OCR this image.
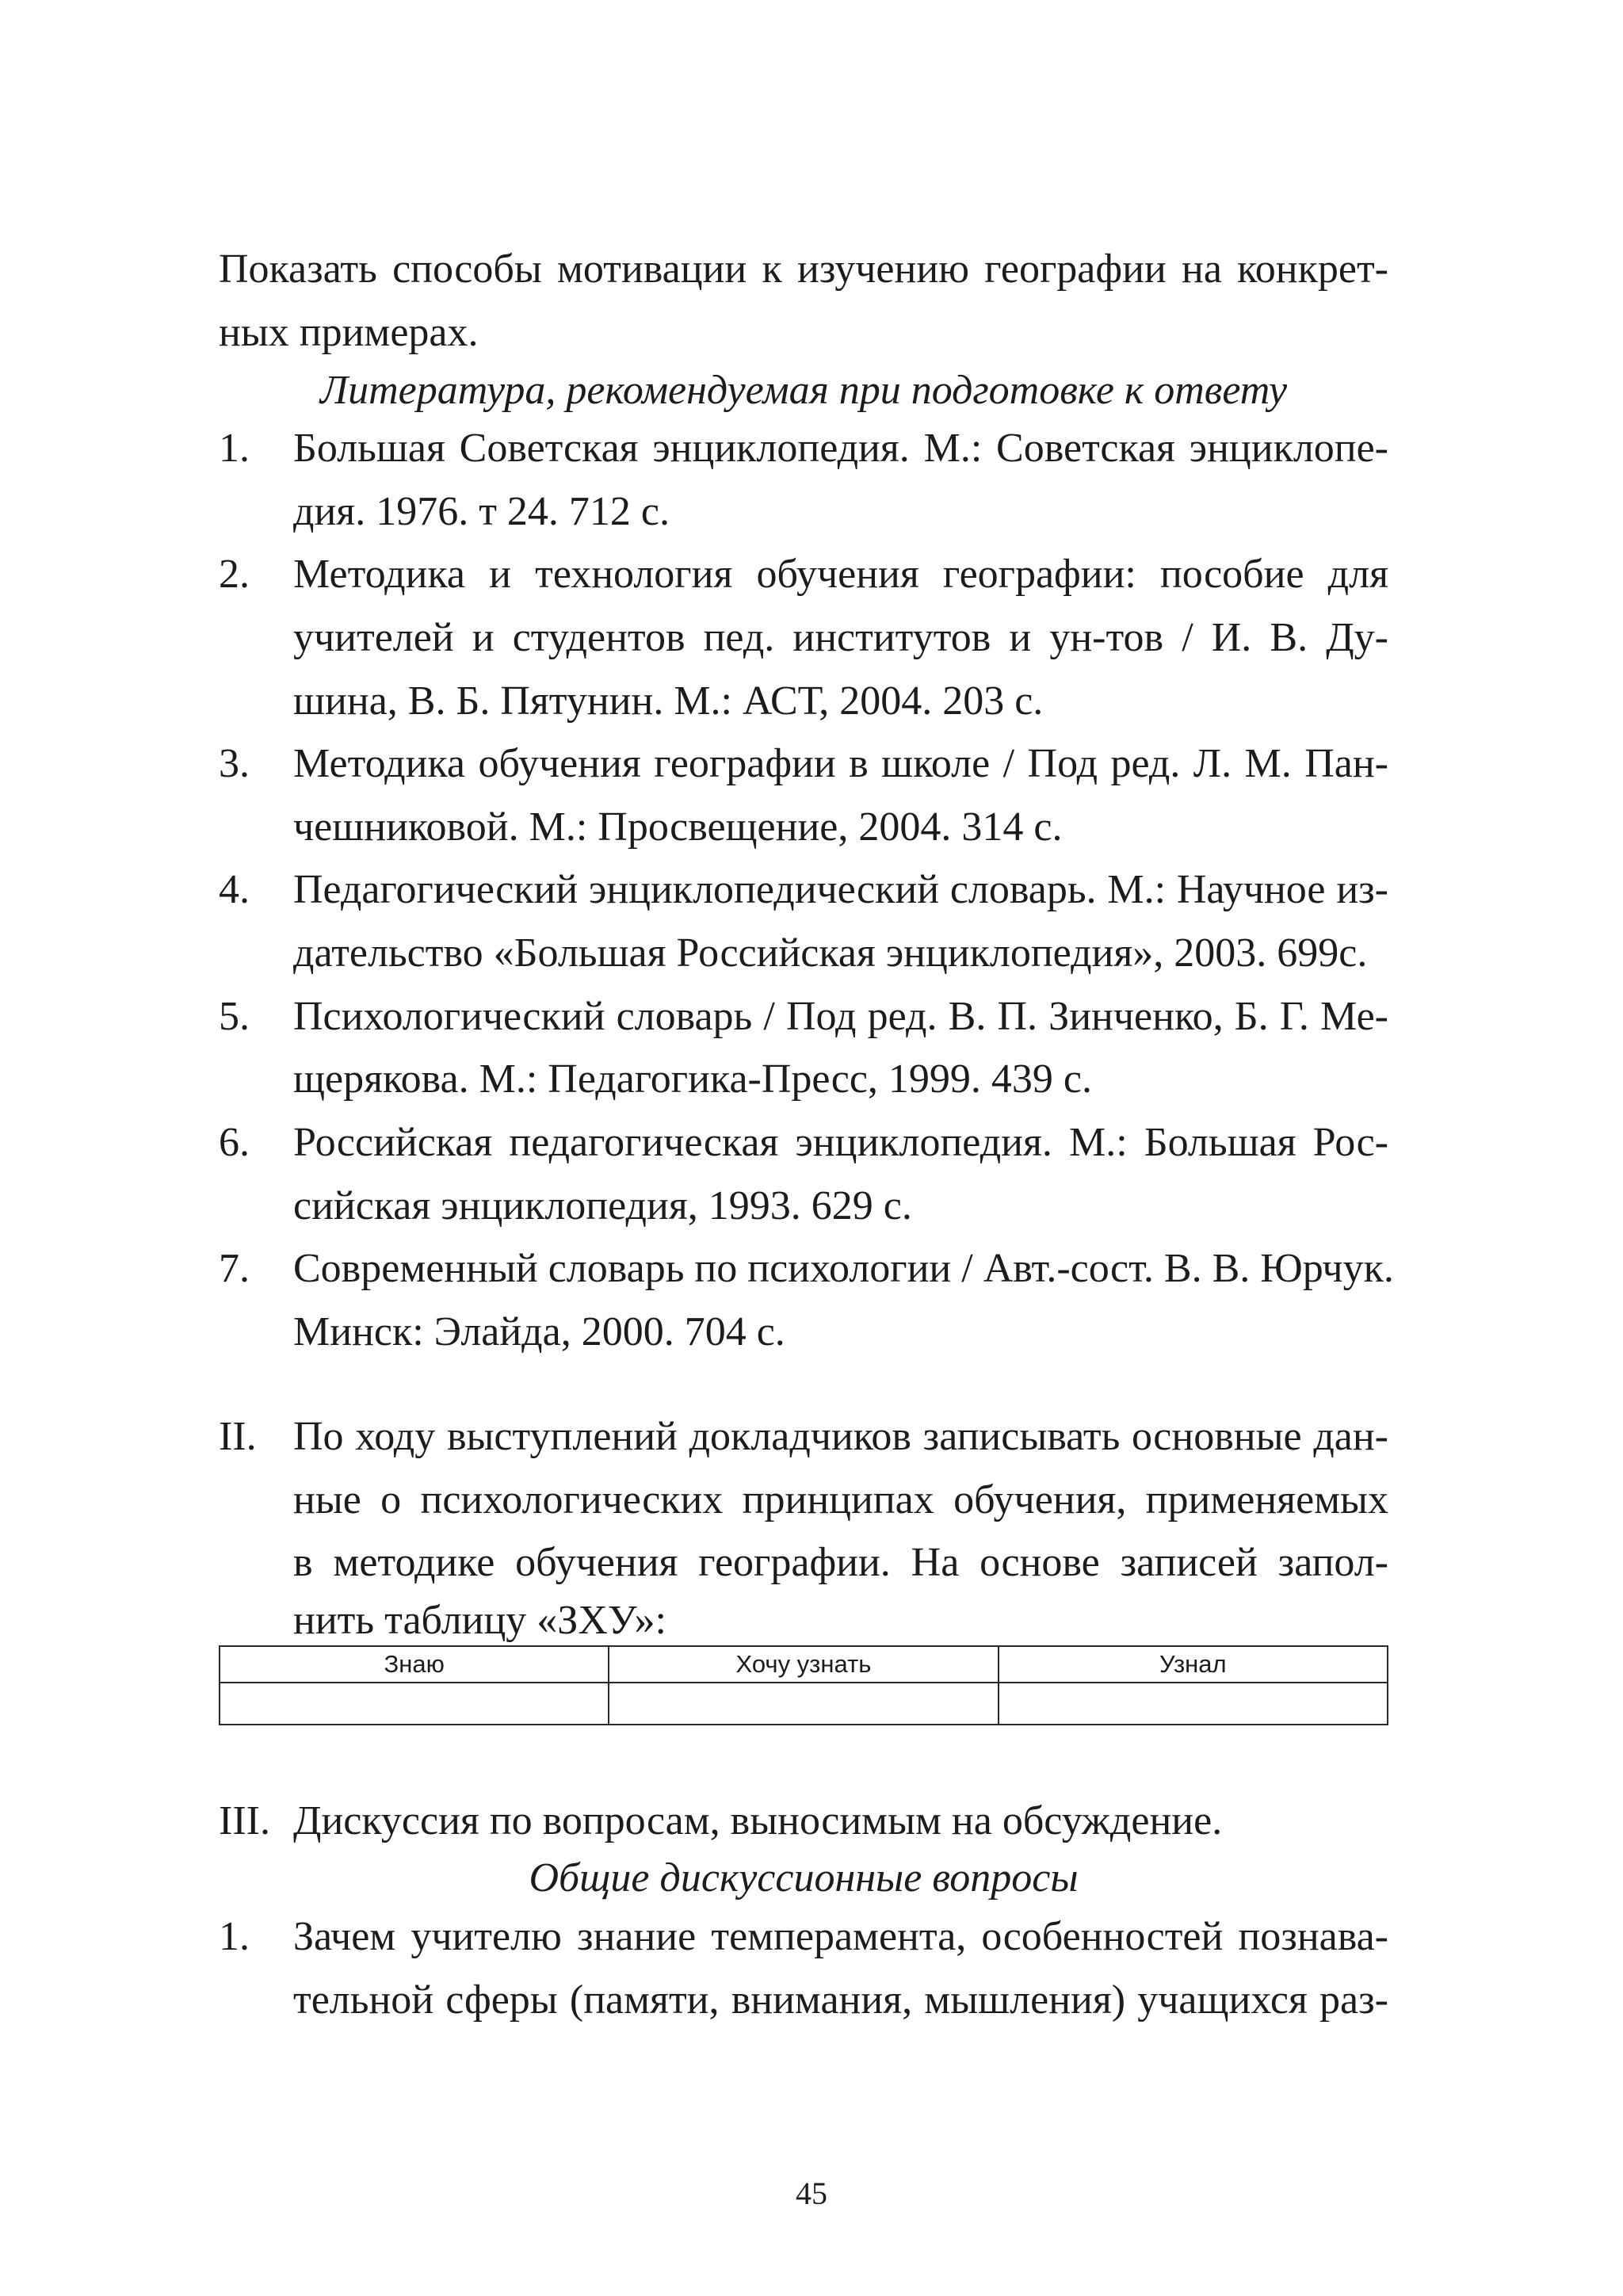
Показать способы мотивации к изучению географии на конкрет-
ных примерах.
Литература, рекомендуемая при подготовке к ответу
1. Большая Советская энциклопедия. М.: Советская энциклопе-
дия. 1976. т 24. 712 с.
2. Методика и технология обучения географии: пособие для
учителей и студентов пед. институтов и ун-тов / И. В. Ду-
шина, В. Б. Пятунин. М.: АСТ, 2004. 203 с.
3. Методика обучения географии в школе / Под ред. Л. М. Пан-
чешниковой. М.: Просвещение, 2004. 314 с.
4. Педагогический энциклопедический словарь. М.: Научное из-
дательство «Большая Российская энциклопедия», 2003. 699с.
5. Психологический словарь / Под ред. В. П. Зинченко, Б. Г. Ме-
щерякова. М.: Педагогика-Пресс, 1999. 439 с.
6. Российская педагогическая энциклопедия. М.: Большая Рос-
сийская энциклопедия, 1993. 629 с.
7. Современный словарь по психологии / Авт.-сост. В. В. Юрчук.
Минск: Элайда, 2000. 704 с.
II. По ходу выступлений докладчиков записывать основные дан-
ные о психологических принципах обучения, применяемых
в методике обучения географии. На основе записей запол-
нить таблицу «ЗХУ»:
Знаю	Хочу узнать	Узнал

III. Дискуссия по вопросам, выносимым на обсуждение.
Общие дискуссионные вопросы
1. Зачем учителю знание темперамента, особенностей познава-
тельной сферы (памяти, внимания, мышления) учащихся раз-
45
